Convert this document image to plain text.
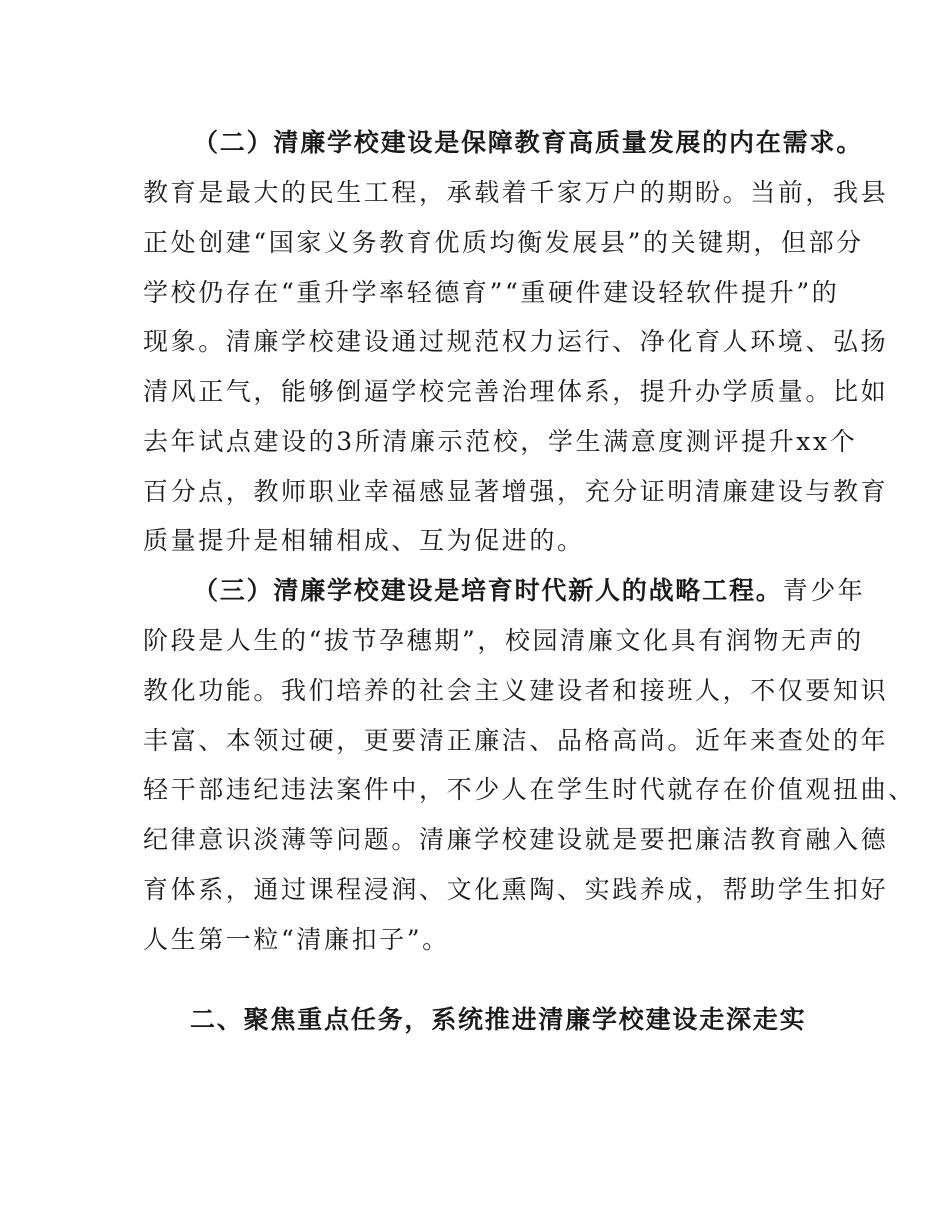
（二）清廉学校建设是保障教育高质量发展的内在需求。
教育是最大的民生工程，承载着千家万户的期盼。当前，我县
正处创建“国家义务教育优质均衡发展县”的关键期，但部分
学校仍存在“重升学率轻德育”“重硬件建设轻软件提升”的
现象。清廉学校建设通过规范权力运行、净化育人环境、弘扬
清风正气，能够倒逼学校完善治理体系，提升办学质量。比如
去年试点建设的3所清廉示范校，学生满意度测评提升xx个
百分点，教师职业幸福感显著增强，充分证明清廉建设与教育
质量提升是相辅相成、互为促进的。
（三）清廉学校建设是培育时代新人的战略工程。青少年
阶段是人生的“拔节孕穗期”，校园清廉文化具有润物无声的
教化功能。我们培养的社会主义建设者和接班人，不仅要知识
丰富、本领过硬，更要清正廉洁、品格高尚。近年来查处的年
轻干部违纪违法案件中，不少人在学生时代就存在价值观扭曲、
纪律意识淡薄等问题。清廉学校建设就是要把廉洁教育融入德
育体系，通过课程浸润、文化熏陶、实践养成，帮助学生扣好
人生第一粒“清廉扣子”。
二、聚焦重点任务，系统推进清廉学校建设走深走实
